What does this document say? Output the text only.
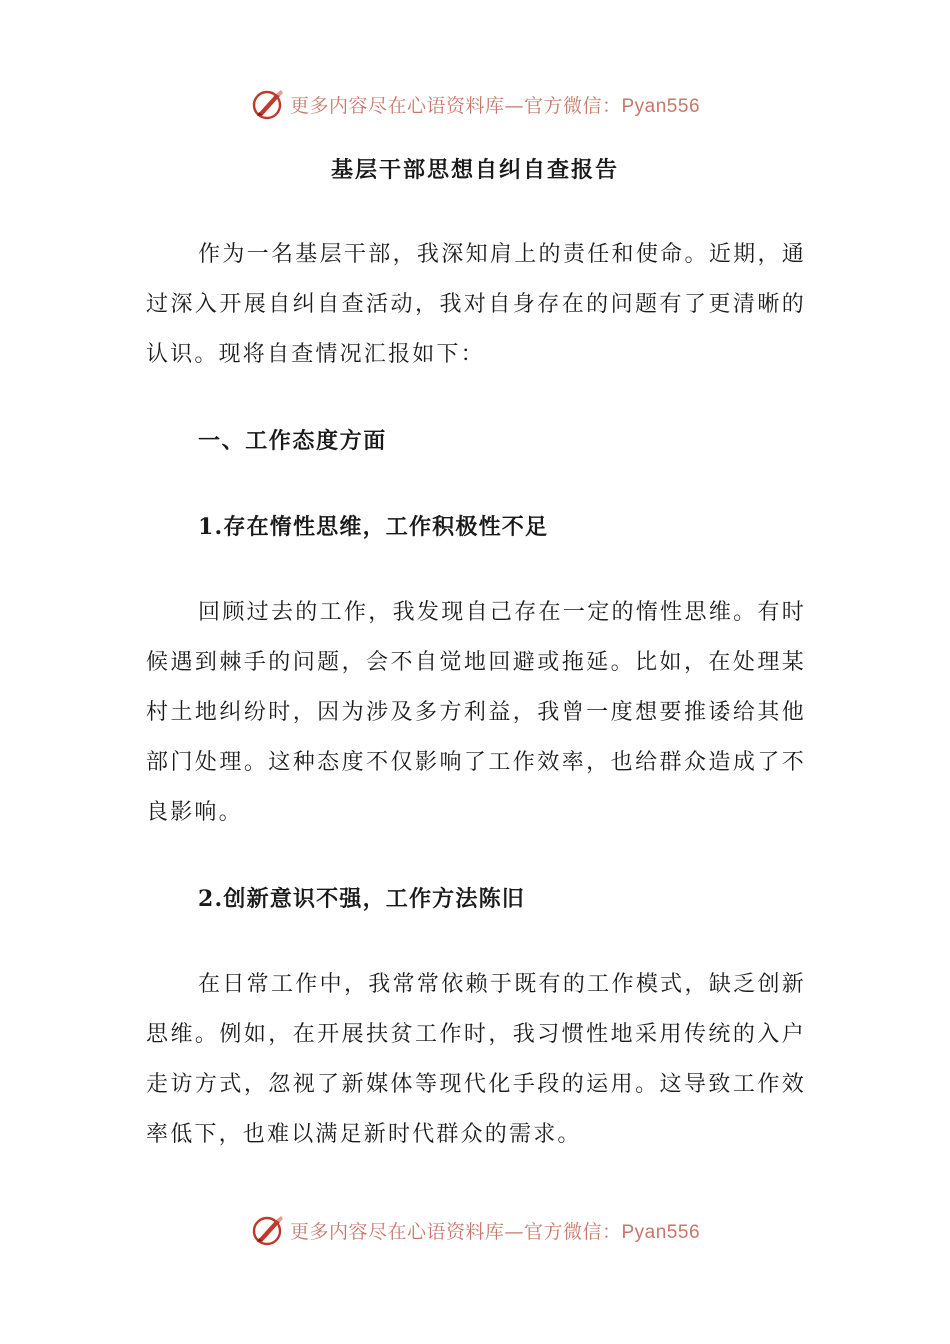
更多内容尽在心语资料库—官方微信：Pyan556
基层干部思想自纠自查报告

作为一名基层干部，我深知肩上的责任和使命。近期，通过深入开展自纠自查活动，我对自身存在的问题有了更清晰的认识。现将自查情况汇报如下：

一、工作态度方面
1.存在惰性思维，工作积极性不足

回顾过去的工作，我发现自己存在一定的惰性思维。有时候遇到棘手的问题，会不自觉地回避或拖延。比如，在处理某村土地纠纷时，因为涉及多方利益，我曾一度想要推诿给其他部门处理。这种态度不仅影响了工作效率，也给群众造成了不良影响。

2.创新意识不强，工作方法陈旧

在日常工作中，我常常依赖于既有的工作模式，缺乏创新思维。例如，在开展扶贫工作时，我习惯性地采用传统的入户走访方式，忽视了新媒体等现代化手段的运用。这导致工作效率低下，也难以满足新时代群众的需求。

更多内容尽在心语资料库—官方微信：Pyan556
